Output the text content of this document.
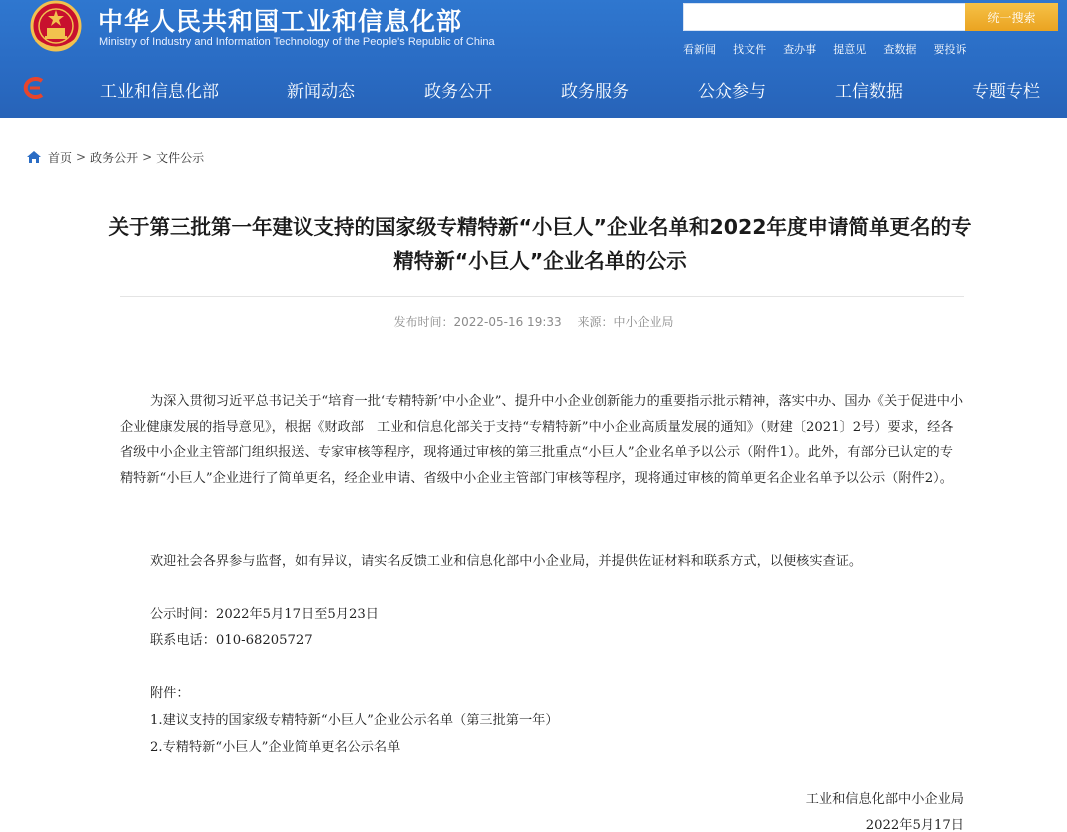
中华人民共和国工业和信息化部
Ministry of Industry and Information Technology of the People's Republic of China
统一搜索
看新闻 找文件 查办事 提意见 查数据 要投诉
工业和信息化部	新闻动态	政务公开	政务服务	公众参与	工信数据	专题专栏
首页 > 政务公开 > 文件公示
关于第三批第一年建议支持的国家级专精特新“小巨人”企业名单和2022年度申请简单更名的专精特新“小巨人”企业名单的公示
发布时间：2022-05-16 19:33 来源：中小企业局

为深入贯彻习近平总书记关于“培育一批‘专精特新’中小企业”、提升中小企业创新能力的重要指示批示精神，落实中办、国办《关于促进中小企业健康发展的指导意见》，根据《财政部　工业和信息化部关于支持“专精特新”中小企业高质量发展的通知》（财建〔2021〕2号）要求，经各省级中小企业主管部门组织报送、专家审核等程序，现将通过审核的第三批重点“小巨人”企业名单予以公示（附件1）。此外，有部分已认定的专精特新“小巨人”企业进行了简单更名，经企业申请、省级中小企业主管部门审核等程序，现将通过审核的简单更名企业名单予以公示（附件2）。

欢迎社会各界参与监督，如有异议，请实名反馈工业和信息化部中小企业局，并提供佐证材料和联系方式，以便核实查证。

公示时间：2022年5月17日至5月23日
联系电话：010-68205727
附件：
1.建议支持的国家级专精特新“小巨人”企业公示名单（第三批第一年）
2.专精特新“小巨人”企业简单更名公示名单
工业和信息化部中小企业局
2022年5月17日
